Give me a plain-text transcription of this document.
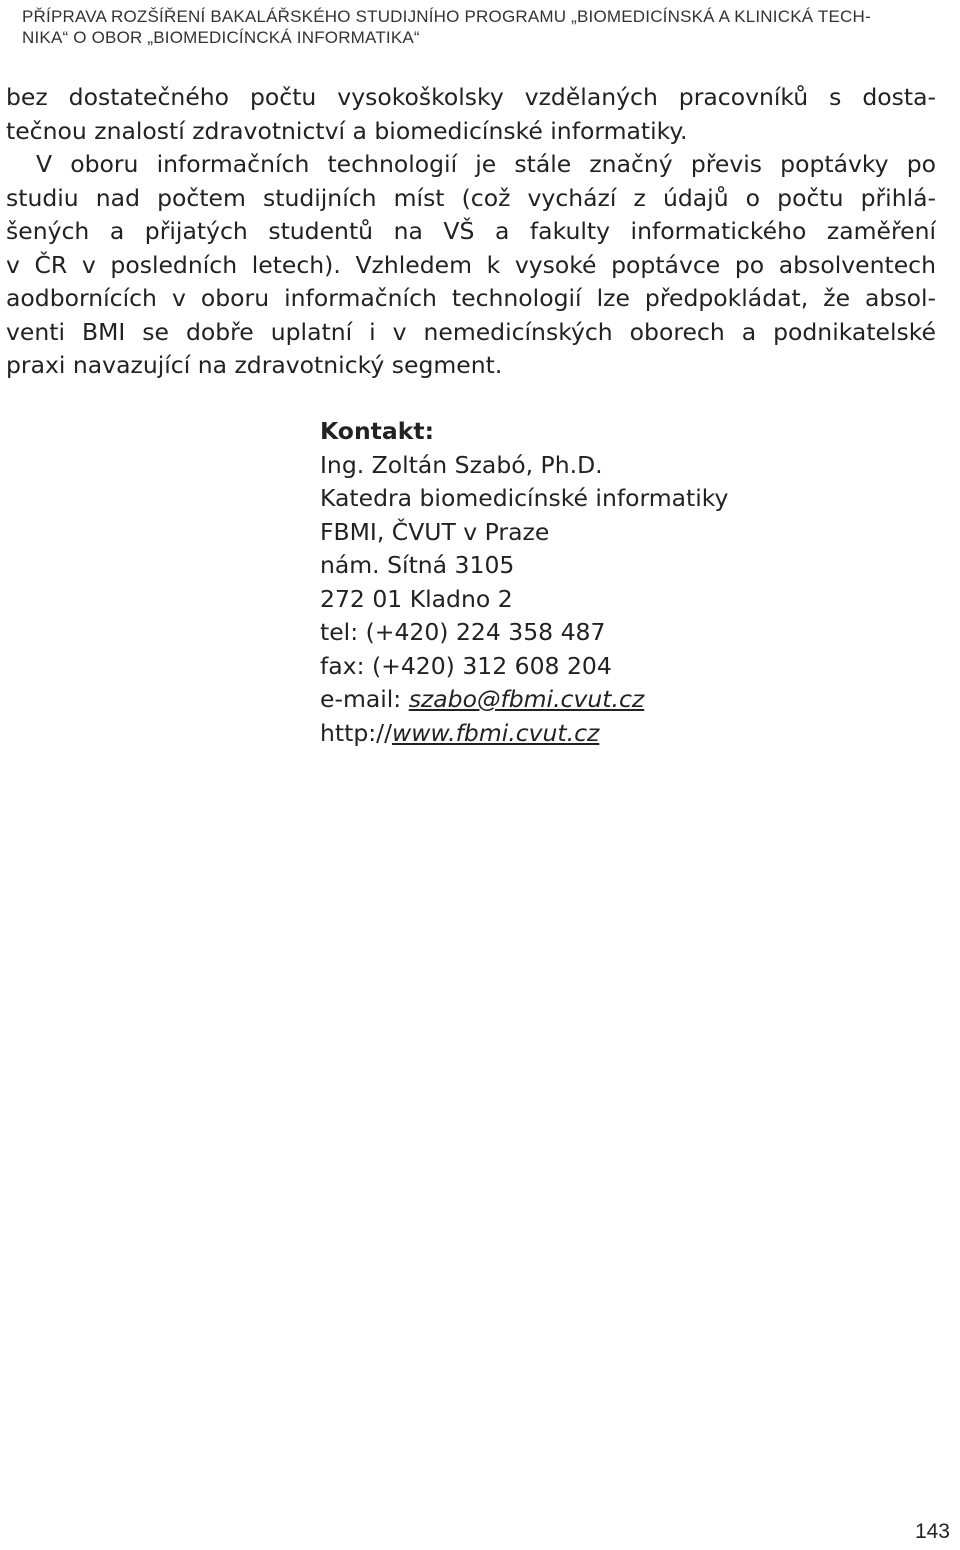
PŘÍPRAVA ROZŠÍŘENÍ BAKALÁŘSKÉHO STUDIJNÍHO PROGRAMU „BIOMEDICÍNSKÁ A KLINICKÁ TECH-
NIKA“ O OBOR „BIOMEDICÍNCKÁ INFORMATIKA“
bez dostatečného počtu vysokoškolsky vzdělaných pracovníků s dosta-
tečnou znalostí zdravotnictví a biomedicínské informatiky.
V oboru informačních technologií je stále značný převis poptávky po
studiu nad počtem studijních míst (což vychází z údajů o počtu přihlá-
šených a přijatých studentů na VŠ a fakulty informatického zaměření
v ČR v posledních letech). Vzhledem k vysoké poptávce po absolventech
aodbornících v oboru informačních technologií lze předpokládat, že absol-
venti BMI se dobře uplatní i v nemedicínských oborech a podnikatelské
praxi navazující na zdravotnický segment.
Kontakt:
Ing. Zoltán Szabó, Ph.D.
Katedra biomedicínské informatiky
FBMI, ČVUT v Praze
nám. Sítná 3105
272 01 Kladno 2
tel: (+420) 224 358 487
fax: (+420) 312 608 204
e-mail: szabo@fbmi.cvut.cz
http://www.fbmi.cvut.cz
143
